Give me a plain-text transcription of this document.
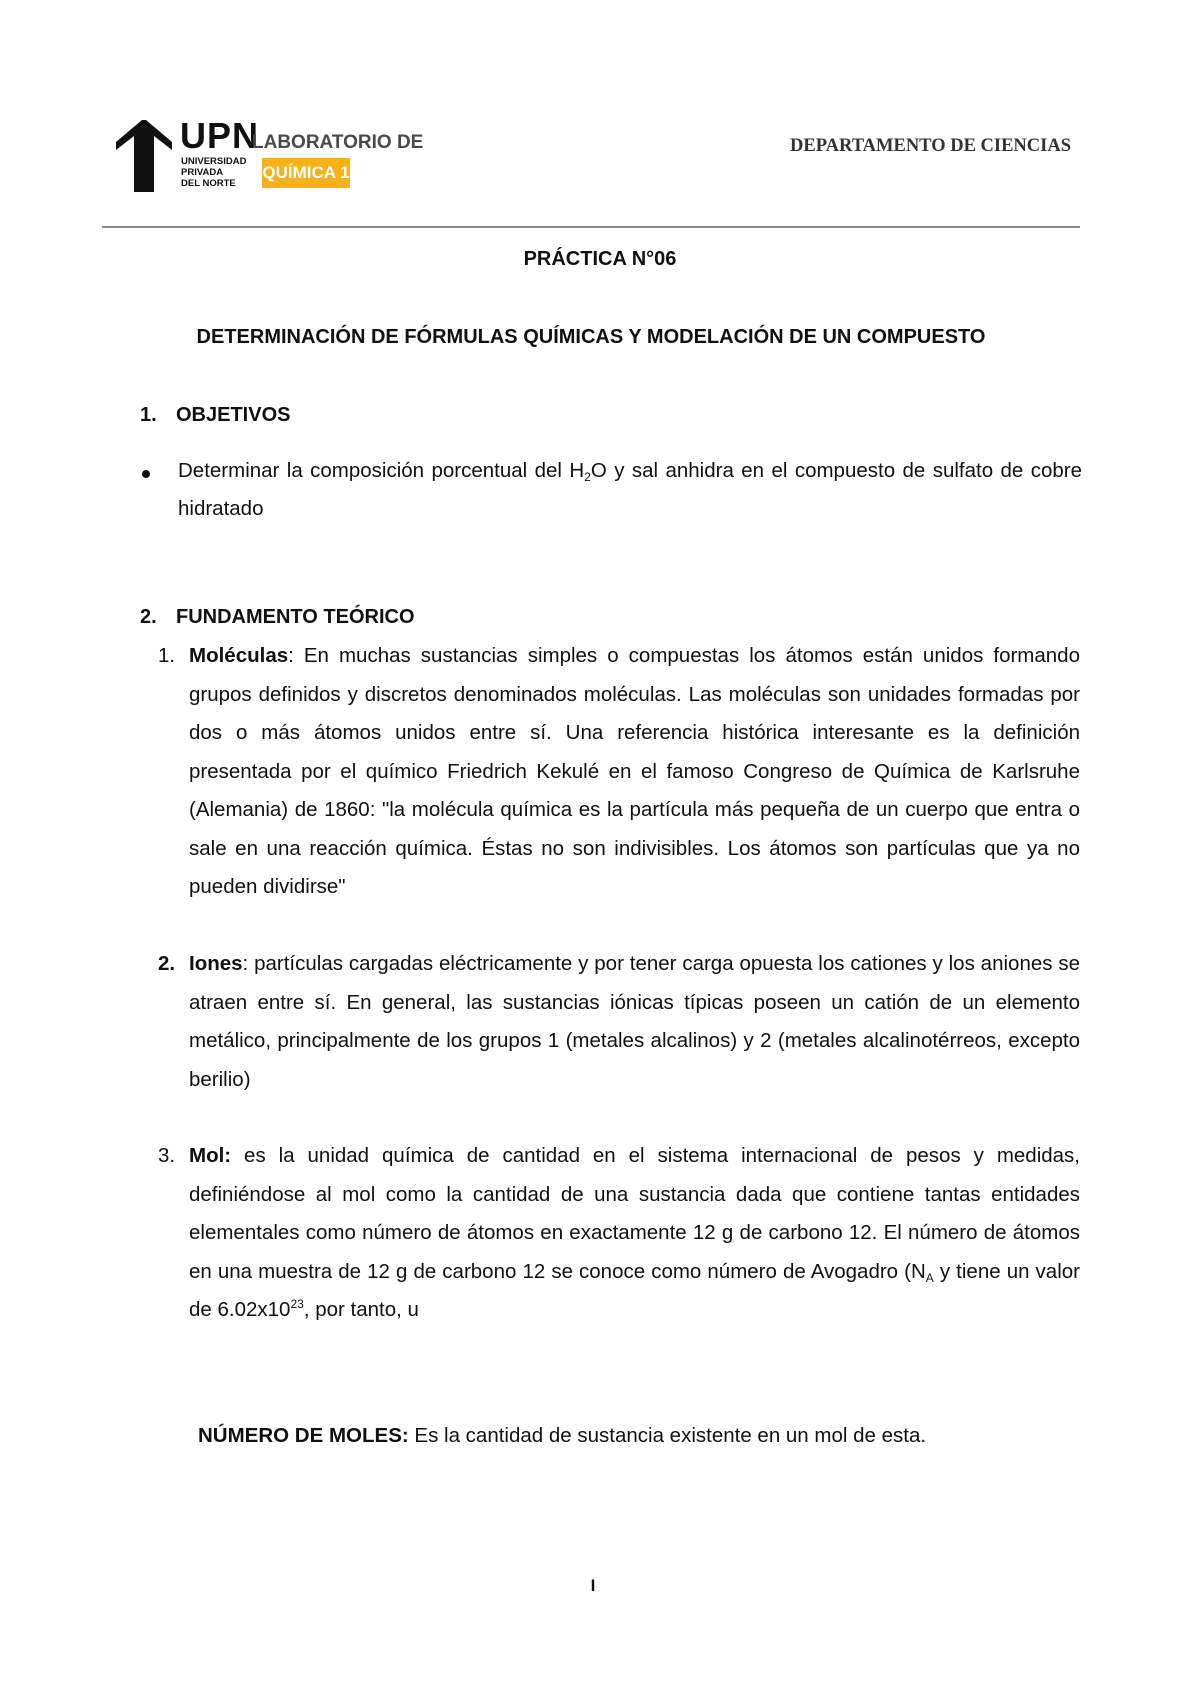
UPN
UNIVERSIDAD
PRIVADA
DEL NORTE
LABORATORIO DE
QUÍMICA 1
DEPARTAMENTO DE CIENCIAS
PRÁCTICA N°06
DETERMINACIÓN DE FÓRMULAS QUÍMICAS Y MODELACIÓN DE UN COMPUESTO
1. OBJETIVOS
Determinar la composición porcentual del $H_2O$ y sal anhidra en el compuesto de sulfato de cobre hidratado
2. FUNDAMENTO TEÓRICO
1. Moléculas: En muchas sustancias simples o compuestas los átomos están unidos formando grupos definidos y discretos denominados moléculas. Las moléculas son unidades formadas por dos o más átomos unidos entre sí. Una referencia histórica interesante es la definición presentada por el químico Friedrich Kekulé en el famoso Congreso de Química de Karlsruhe (Alemania) de 1860: "la molécula química es la partícula más pequeña de un cuerpo que entra o sale en una reacción química. Éstas no son indivisibles. Los átomos son partículas que ya no pueden dividirse"
2. Iones: partículas cargadas eléctricamente y por tener carga opuesta los cationes y los aniones se atraen entre sí. En general, las sustancias iónicas típicas poseen un catión de un elemento metálico, principalmente de los grupos 1 (metales alcalinos) y 2 (metales alcalinotérreos, excepto berilio)
3. Mol: es la unidad química de cantidad en el sistema internacional de pesos y medidas, definiéndose al mol como la cantidad de una sustancia dada que contiene tantas entidades elementales como número de átomos en exactamente 12 g de carbono 12. El número de átomos en una muestra de 12 g de carbono 12 se conoce como número de Avogadro ($N_A$ y tiene un valor de $6.02x10^{23}$, por tanto, u
NÚMERO DE MOLES: Es la cantidad de sustancia existente en un mol de esta.
I
